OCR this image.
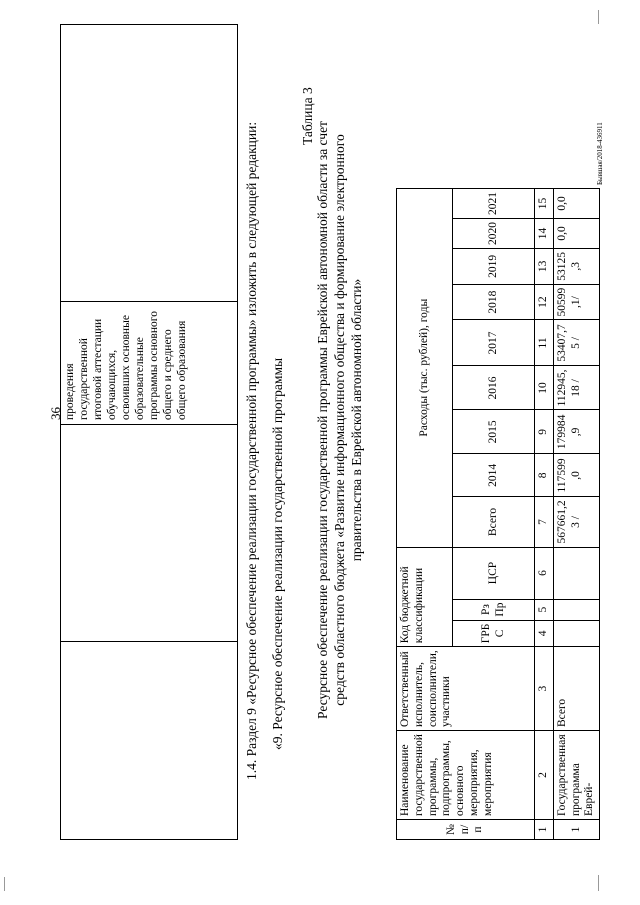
36
		проведения государственной итоговой аттестации обучающихся, освоивших основные образовательные программы основного общего и среднего общего образования		1.4. Раздел 9 «Ресурсное обеспечение реализации государственной программы» изложить в следующей редакции: «9. Ресурсное обеспечение реализации государственной программы
Таблица 3
Ресурсное обеспечение реализации государственной программы Еврейской автономной области за счет средств областного бюджета «Развитие информационного общества и формирование электронного правительства в Еврейской автономной области»
№ п/п	Наименование государственной программы, подпрограммы, основного мероприятия, мероприятия	Ответственный исполнитель, соисполнители, участники	Код бюджетной классификации			Расходы (тыс. рублей), годы								
			ГРБ С	Рз Пр	ЦСР	Всего	2014	2015	2016	2017	2018	2019	2020	2021
1	2	3	4	5	6	7	8	9	10	11	12	13	14	15
1	Государственная программа Еврей-	Всего				567661,2 3 /	117599 ,0	179984 ,9	112945, 18 /	53407,7 5 /	50599 ,1/	53125 ,3	0,0	0,0
Бывшая/2018-436911
